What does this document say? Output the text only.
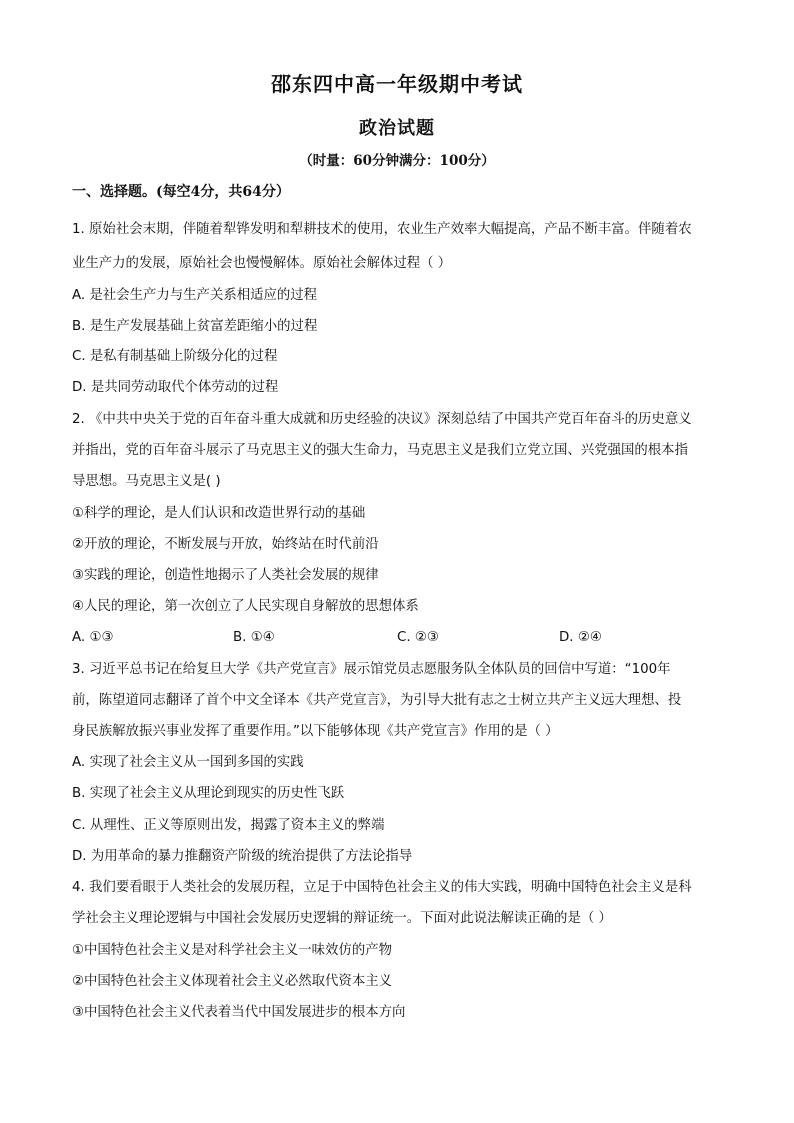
邵东四中高一年级期中考试
政治试题
（时量：60分钟满分：100分）
一、选择题。(每空4分，共64分）
1. 原始社会末期，伴随着犁铧发明和犁耕技术的使用，农业生产效率大幅提高，产品不断丰富。伴随着农
业生产力的发展，原始社会也慢慢解体。原始社会解体过程（ ）
A. 是社会生产力与生产关系相适应的过程
B. 是生产发展基础上贫富差距缩小的过程
C. 是私有制基础上阶级分化的过程
D. 是共同劳动取代个体劳动的过程
2. 《中共中央关于党的百年奋斗重大成就和历史经验的决议》深刻总结了中国共产党百年奋斗的历史意义
并指出，党的百年奋斗展示了马克思主义的强大生命力，马克思主义是我们立党立国、兴党强国的根本指
导思想。马克思主义是( )
①科学的理论，是人们认识和改造世界行动的基础
②开放的理论，不断发展与开放，始终站在时代前沿
③实践的理论，创造性地揭示了人类社会发展的规律
④人民的理论，第一次创立了人民实现自身解放的思想体系
A. ①③	B. ①④	C. ②③	D. ②④
3. 习近平总书记在给复旦大学《共产党宣言》展示馆党员志愿服务队全体队员的回信中写道：“100年
前，陈望道同志翻译了首个中文全译本《共产党宣言》，为引导大批有志之士树立共产主义远大理想、投
身民族解放振兴事业发挥了重要作用。”以下能够体现《共产党宣言》作用的是（ ）
A. 实现了社会主义从一国到多国的实践
B. 实现了社会主义从理论到现实的历史性飞跃
C. 从理性、正义等原则出发，揭露了资本主义的弊端
D. 为用革命的暴力推翻资产阶级的统治提供了方法论指导
4. 我们要看眼于人类社会的发展历程，立足于中国特色社会主义的伟大实践，明确中国特色社会主义是科
学社会主义理论逻辑与中国社会发展历史逻辑的辩证统一。下面对此说法解读正确的是（ ）
①中国特色社会主义是对科学社会主义一味效仿的产物
②中国特色社会主义体现着社会主义必然取代资本主义
③中国特色社会主义代表着当代中国发展进步的根本方向
